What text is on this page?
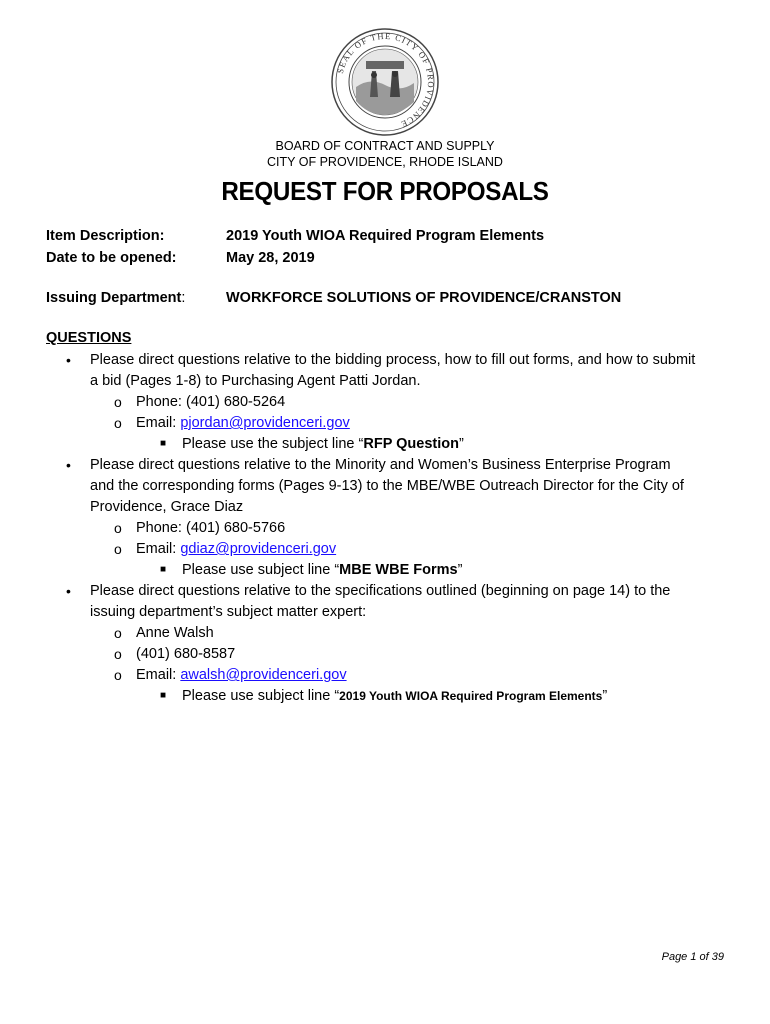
SEAL OF THE CITY OF PROVIDENCE
BOARD OF CONTRACT AND SUPPLY
CITY OF PROVIDENCE, RHODE ISLAND
REQUEST FOR PROPOSALS
Item Description:	2019 Youth WIOA Required Program Elements
Date to be opened:	May 28, 2019
Issuing Department:	WORKFORCE SOLUTIONS OF PROVIDENCE/CRANSTON
QUESTIONS
• Please direct questions relative to the bidding process, how to fill out forms, and how to submit
a bid (Pages 1-8) to Purchasing Agent Patti Jordan.
o Phone: (401) 680-5264
o Email: pjordan@providenceri.gov
■ Please use the subject line “RFP Question”
• Please direct questions relative to the Minority and Women’s Business Enterprise Program
and the corresponding forms (Pages 9-13) to the MBE/WBE Outreach Director for the City of
Providence, Grace Diaz
o Phone: (401) 680-5766
o Email: gdiaz@providenceri.gov
■ Please use subject line “MBE WBE Forms”
• Please direct questions relative to the specifications outlined (beginning on page 14) to the
issuing department’s subject matter expert:
o Anne Walsh
o (401) 680-8587
o Email: awalsh@providenceri.gov
■ Please use subject line “2019 Youth WIOA Required Program Elements”
Page 1 of 39
